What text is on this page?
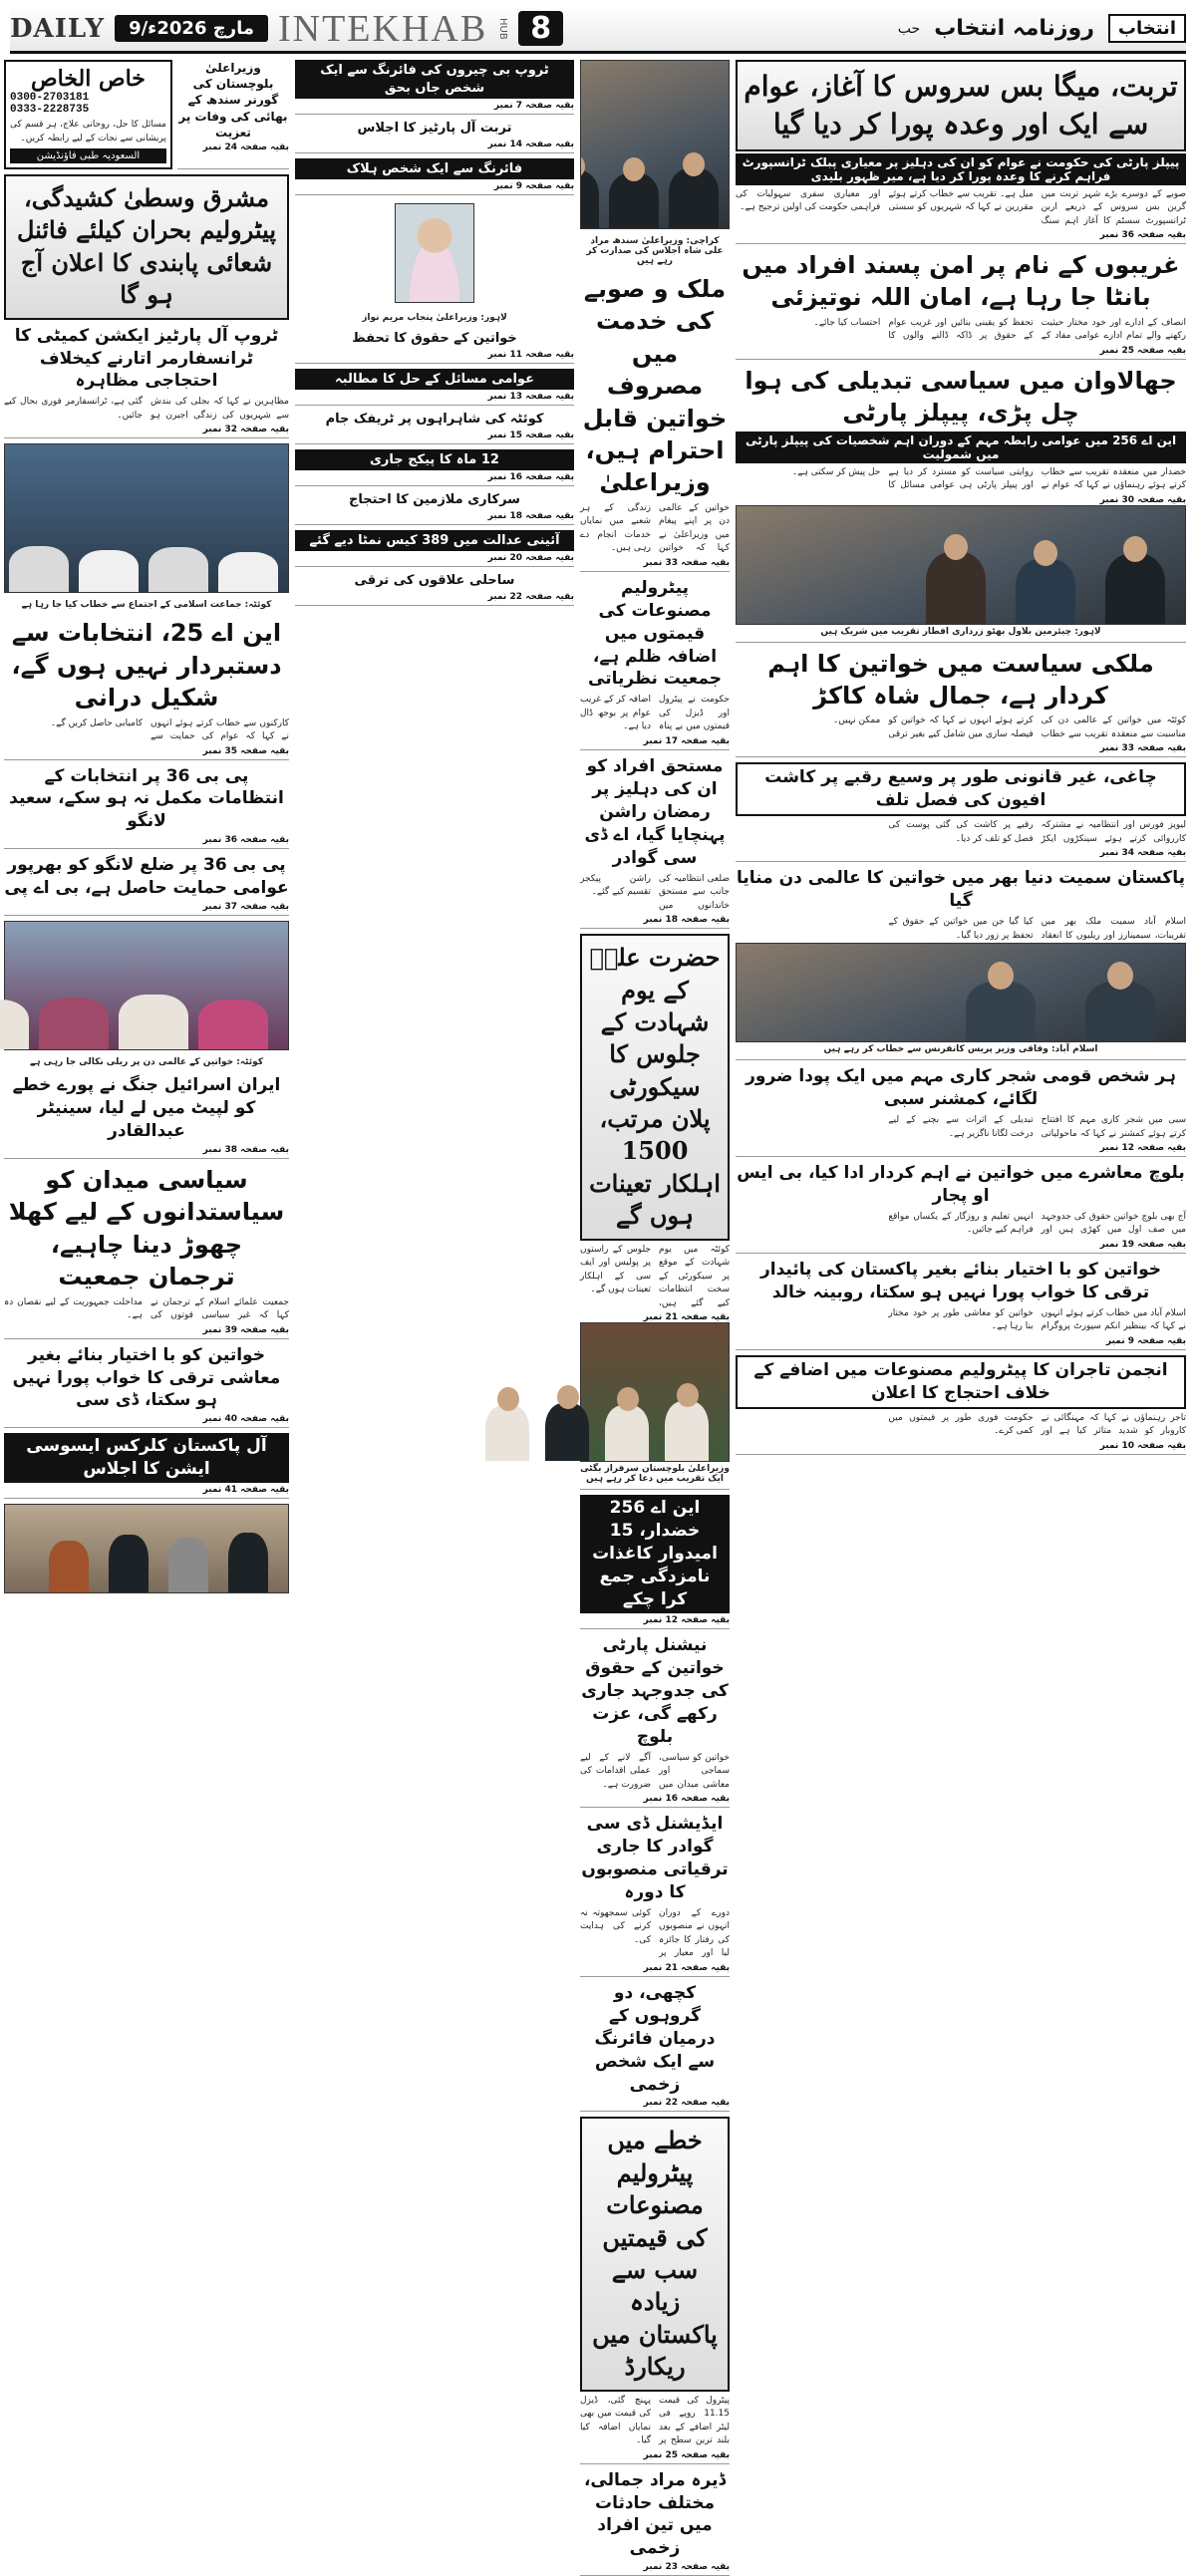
DAILY	9/مارچ 2026ء INTEKHAB HUB 8	انتخاب
روزنامہ انتخاب
حب
تربت، میگا بس سروس کا آغاز، عوام سے ایک اور وعدہ پورا کر دیا گیا
پیپلز پارٹی کی حکومت نے عوام کو ان کی دہلیز پر معیاری پبلک ٹرانسپورٹ فراہم کرنے کا وعدہ پورا کر دیا ہے، میر ظہور بلیدی

صوبے کے دوسرے بڑے شہر تربت میں گرین بس سروس کے ذریعے اربن ٹرانسپورٹ سسٹم کا آغاز اہم سنگ میل ہے۔ تقریب سے خطاب کرتے ہوئے مقررین نے کہا کہ شہریوں کو سستی اور معیاری سفری سہولیات کی فراہمی حکومت کی اولین ترجیح ہے۔

بقیہ صفحہ 36 نمبر
غریبوں کے نام پر امن پسند افراد میں بانٹا جا رہا ہے، امان اللہ نوتیزئی

انصاف کے ادارے اور خود مختار حیثیت رکھنے والے تمام ادارے عوامی مفاد کے تحفظ کو یقینی بنائیں اور غریب عوام کے حقوق پر ڈاکہ ڈالنے والوں کا احتساب کیا جائے۔

بقیہ صفحہ 25 نمبر
جھالاوان میں سیاسی تبدیلی کی ہوا چل پڑی، پیپلز پارٹی
این اے 256 میں عوامی رابطہ مہم کے دوران اہم شخصیات کی پیپلز پارٹی میں شمولیت

خضدار میں منعقدہ تقریب سے خطاب کرتے ہوئے رہنماؤں نے کہا کہ عوام نے روایتی سیاست کو مسترد کر دیا ہے اور پیپلز پارٹی ہی عوامی مسائل کا حل پیش کر سکتی ہے۔

بقیہ صفحہ 30 نمبر
لاہور: چیئرمین بلاول بھٹو زرداری افطار تقریب میں شریک ہیں
ملکی سیاست میں خواتین کا اہم کردار ہے، جمال شاہ کاکڑ

کوئٹہ میں خواتین کے عالمی دن کی مناسبت سے منعقدہ تقریب سے خطاب کرتے ہوئے انہوں نے کہا کہ خواتین کو فیصلہ سازی میں شامل کیے بغیر ترقی ممکن نہیں۔

بقیہ صفحہ 33 نمبر
چاغی، غیر قانونی طور پر وسیع رقبے پر کاشت افیون کی فصل تلف

لیویز فورس اور انتظامیہ نے مشترکہ کارروائی کرتے ہوئے سینکڑوں ایکڑ رقبے پر کاشت کی گئی پوست کی فصل کو تلف کر دیا۔

بقیہ صفحہ 34 نمبر
پاکستان سمیت دنیا بھر میں خواتین کا عالمی دن منایا گیا

اسلام آباد سمیت ملک بھر میں تقریبات، سیمینارز اور ریلیوں کا انعقاد کیا گیا جن میں خواتین کے حقوق کے تحفظ پر زور دیا گیا۔

اسلام آباد: وفاقی وزیر پریس کانفرنس سے خطاب کر رہے ہیں
ہر شخص قومی شجر کاری مہم میں ایک پودا ضرور لگائے، کمشنر سبی

سبی میں شجر کاری مہم کا افتتاح کرتے ہوئے کمشنر نے کہا کہ ماحولیاتی تبدیلی کے اثرات سے بچنے کے لیے درخت لگانا ناگزیر ہے۔

بقیہ صفحہ 12 نمبر
بلوچ معاشرے میں خواتین نے اہم کردار ادا کیا، بی ایس او پجار

آج بھی بلوچ خواتین حقوق کی جدوجہد میں صف اول میں کھڑی ہیں اور انہیں تعلیم و روزگار کے یکساں مواقع فراہم کیے جائیں۔

بقیہ صفحہ 19 نمبر
خواتین کو با اختیار بنائے بغیر پاکستان کی پائیدار ترقی کا خواب پورا نہیں ہو سکتا، روبینہ خالد

اسلام آباد میں خطاب کرتے ہوئے انہوں نے کہا کہ بینظیر انکم سپورٹ پروگرام خواتین کو معاشی طور پر خود مختار بنا رہا ہے۔

بقیہ صفحہ 9 نمبر
انجمن تاجران کا پیٹرولیم مصنوعات میں اضافے کے خلاف احتجاج کا اعلان

تاجر رہنماؤں نے کہا کہ مہنگائی نے کاروبار کو شدید متاثر کیا ہے اور حکومت فوری طور پر قیمتوں میں کمی کرے۔

بقیہ صفحہ 10 نمبر
کراچی: وزیراعلیٰ سندھ مراد علی شاہ اجلاس کی صدارت کر رہے ہیں
ملک و صوبے کی خدمت میں مصروف خواتین قابل احترام ہیں، وزیراعلیٰ

خواتین کے عالمی دن پر اپنے پیغام میں وزیراعلیٰ نے کہا کہ خواتین زندگی کے ہر شعبے میں نمایاں خدمات انجام دے رہی ہیں۔

بقیہ صفحہ 33 نمبر
پیٹرولیم مصنوعات کی قیمتوں میں اضافہ ظلم ہے، جمعیت نظریاتی

حکومت نے پیٹرول اور ڈیزل کی قیمتوں میں بے پناہ اضافہ کر کے غریب عوام پر بوجھ ڈال دیا ہے۔

بقیہ صفحہ 17 نمبر
مستحق افراد کو ان کی دہلیز پر رمضان راشن پہنچایا گیا، اے ڈی سی گوادر

ضلعی انتظامیہ کی جانب سے مستحق خاندانوں میں راشن پیکجز تقسیم کیے گئے۔

بقیہ صفحہ 18 نمبر
حضرت علیؑ کے یوم شہادت کے جلوس کا سیکورٹی پلان مرتب، 1500 اہلکار تعینات ہوں گے

کوئٹہ میں یوم شہادت کے موقع پر سیکورٹی کے سخت انتظامات کیے گئے ہیں، جلوس کے راستوں پر پولیس اور ایف سی کے اہلکار تعینات ہوں گے۔

بقیہ صفحہ 21 نمبر
وزیراعلیٰ بلوچستان سرفراز بگٹی ایک تقریب میں دعا کر رہے ہیں
این اے 256 خضدار، 15 امیدوار کاغذات نامزدگی جمع کرا چکے
بقیہ صفحہ 12 نمبر
نیشنل پارٹی خواتین کے حقوق کی جدوجہد جاری رکھے گی، عزت بلوچ

خواتین کو سیاسی، سماجی اور معاشی میدان میں آگے لانے کے لیے عملی اقدامات کی ضرورت ہے۔

بقیہ صفحہ 16 نمبر
ایڈیشنل ڈی سی گوادر کا جاری ترقیاتی منصوبوں کا دورہ

دورے کے دوران انہوں نے منصوبوں کی رفتار کا جائزہ لیا اور معیار پر کوئی سمجھوتہ نہ کرنے کی ہدایت کی۔

بقیہ صفحہ 21 نمبر
کچھی، دو گروہوں کے درمیان فائرنگ سے ایک شخص زخمی
بقیہ صفحہ 22 نمبر
خطے میں پیٹرولیم مصنوعات کی قیمتیں سب سے زیادہ پاکستان میں ریکارڈ

پیٹرول کی قیمت 11.15 روپے فی لیٹر اضافے کے بعد بلند ترین سطح پر پہنچ گئی، ڈیزل کی قیمت میں بھی نمایاں اضافہ کیا گیا۔

بقیہ صفحہ 25 نمبر
ڈیرہ مراد جمالی، مختلف حادثات میں تین افراد زخمی
بقیہ صفحہ 23 نمبر
ٹروپ بی چیروں کی فائرنگ سے ایک شخص جاں بحق
بقیہ صفحہ 7 نمبر
تربت آل پارٹیز کا اجلاس
بقیہ صفحہ 14 نمبر
فائرنگ سے ایک شخص ہلاک
بقیہ صفحہ 9 نمبر
لاہور: وزیراعلیٰ پنجاب مریم نواز
خواتین کے حقوق کا تحفظ
بقیہ صفحہ 11 نمبر
عوامی مسائل کے حل کا مطالبہ
بقیہ صفحہ 13 نمبر
کوئٹہ کی شاہراہوں پر ٹریفک جام
بقیہ صفحہ 15 نمبر
12 ماہ کا پیکج جاری
بقیہ صفحہ 16 نمبر
سرکاری ملازمین کا احتجاج
بقیہ صفحہ 18 نمبر
آئینی عدالت میں 389 کیس نمٹا دیے گئے
بقیہ صفحہ 20 نمبر
ساحلی علاقوں کی ترقی
بقیہ صفحہ 22 نمبر
وزیراعلیٰ بلوچستان کی گورنر سندھ کے بھائی کی وفات پر تعزیت
بقیہ صفحہ 24 نمبر
خاص الخاص
0300-2703181
0333-2228735

مسائل کا حل، روحانی علاج، ہر قسم کی پریشانی سے نجات کے لیے رابطہ کریں۔

السعودیہ طبی فاؤنڈیشن
مشرق وسطیٰ کشیدگی، پیٹرولیم بحران کیلئے فائنل شعائی پابندی کا اعلان آج ہو گا
ٹروپ آل پارٹیز ایکشن کمیٹی کا ٹرانسفارمر اتارنے کیخلاف احتجاجی مظاہرہ

مظاہرین نے کہا کہ بجلی کی بندش سے شہریوں کی زندگی اجیرن ہو گئی ہے، ٹرانسفارمر فوری بحال کیے جائیں۔

بقیہ صفحہ 32 نمبر
کوئٹہ: جماعت اسلامی کے اجتماع سے خطاب کیا جا رہا ہے
این اے 25، انتخابات سے دستبردار نہیں ہوں گے، شکیل درانی

کارکنوں سے خطاب کرتے ہوئے انہوں نے کہا کہ عوام کی حمایت سے کامیابی حاصل کریں گے۔

بقیہ صفحہ 35 نمبر
پی بی 36 پر انتخابات کے انتظامات مکمل نہ ہو سکے، سعید لانگو
بقیہ صفحہ 36 نمبر
پی بی 36 پر ضلع لانگو کو بھرپور عوامی حمایت حاصل ہے، بی اے پی
بقیہ صفحہ 37 نمبر
کوئٹہ: خواتین کے عالمی دن پر ریلی نکالی جا رہی ہے
ایران اسرائیل جنگ نے پورے خطے کو لپیٹ میں لے لیا، سینیٹر عبدالقادر
بقیہ صفحہ 38 نمبر
سیاسی میدان کو سیاستدانوں کے لیے کھلا چھوڑ دینا چاہیے، ترجمان جمعیت

جمعیت علمائے اسلام کے ترجمان نے کہا کہ غیر سیاسی قوتوں کی مداخلت جمہوریت کے لیے نقصان دہ ہے۔

بقیہ صفحہ 39 نمبر
خواتین کو با اختیار بنائے بغیر معاشی ترقی کا خواب پورا نہیں ہو سکتا، ڈی سی
بقیہ صفحہ 40 نمبر
آل پاکستان کلرکس ایسوسی ایشن کا اجلاس
بقیہ صفحہ 41 نمبر
